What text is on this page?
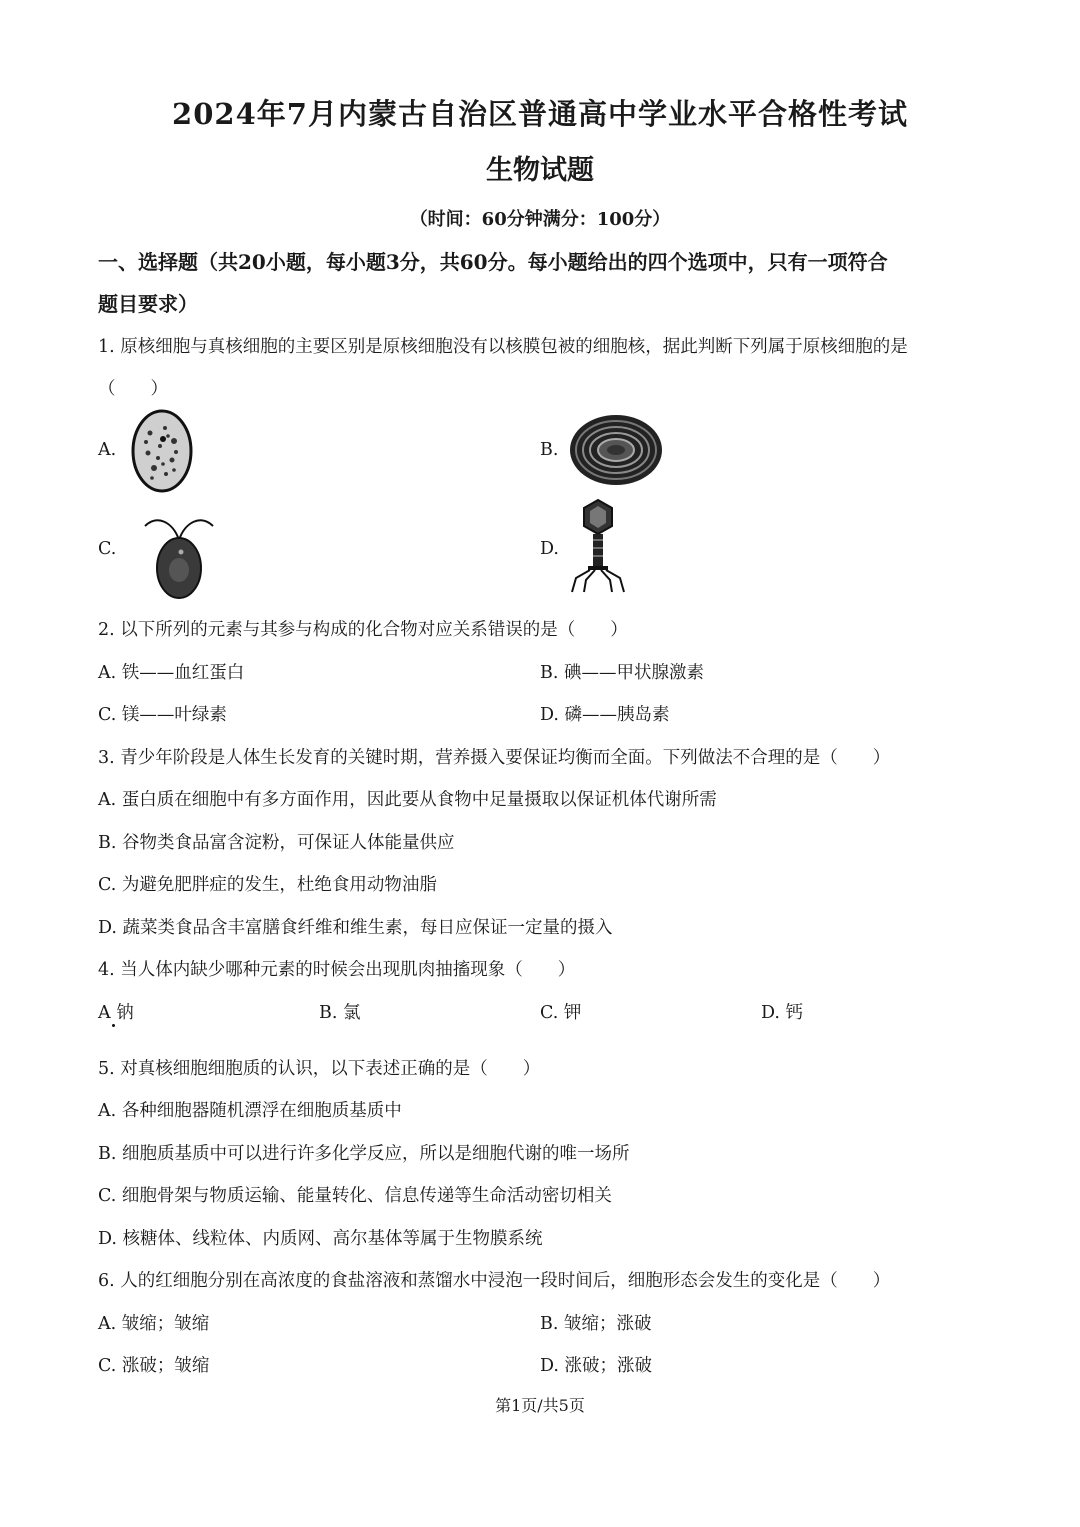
2024年7月内蒙古自治区普通高中学业水平合格性考试
生物试题
（时间：60分钟满分：100分）
一、选择题（共20小题，每小题3分，共60分。每小题给出的四个选项中，只有一项符合
题目要求）
1. 原核细胞与真核细胞的主要区别是原核细胞没有以核膜包被的细胞核，据此判断下列属于原核细胞的是
（　　）
A.	B.
C.	D.
2. 以下所列的元素与其参与构成的化合物对应关系错误的是（　　）
A. 铁——血红蛋白	B. 碘——甲状腺激素
C. 镁——叶绿素	D. 磷——胰岛素
3. 青少年阶段是人体生长发育的关键时期，营养摄入要保证均衡而全面。下列做法不合理的是（　　）
A. 蛋白质在细胞中有多方面作用，因此要从食物中足量摄取以保证机体代谢所需
B. 谷物类食品富含淀粉，可保证人体能量供应
C. 为避免肥胖症的发生，杜绝食用动物油脂
D. 蔬菜类食品含丰富膳食纤维和维生素，每日应保证一定量的摄入
4. 当人体内缺少哪种元素的时候会出现肌肉抽搐现象（　　）
A 钠	B. 氯	C. 钾	D. 钙
5. 对真核细胞细胞质的认识，以下表述正确的是（　　）
A. 各种细胞器随机漂浮在细胞质基质中
B. 细胞质基质中可以进行许多化学反应，所以是细胞代谢的唯一场所
C. 细胞骨架与物质运输、能量转化、信息传递等生命活动密切相关
D. 核糖体、线粒体、内质网、高尔基体等属于生物膜系统
6. 人的红细胞分别在高浓度的食盐溶液和蒸馏水中浸泡一段时间后，细胞形态会发生的变化是（　　）
A. 皱缩；皱缩	B. 皱缩；涨破
C. 涨破；皱缩	D. 涨破；涨破
第1页/共5页
